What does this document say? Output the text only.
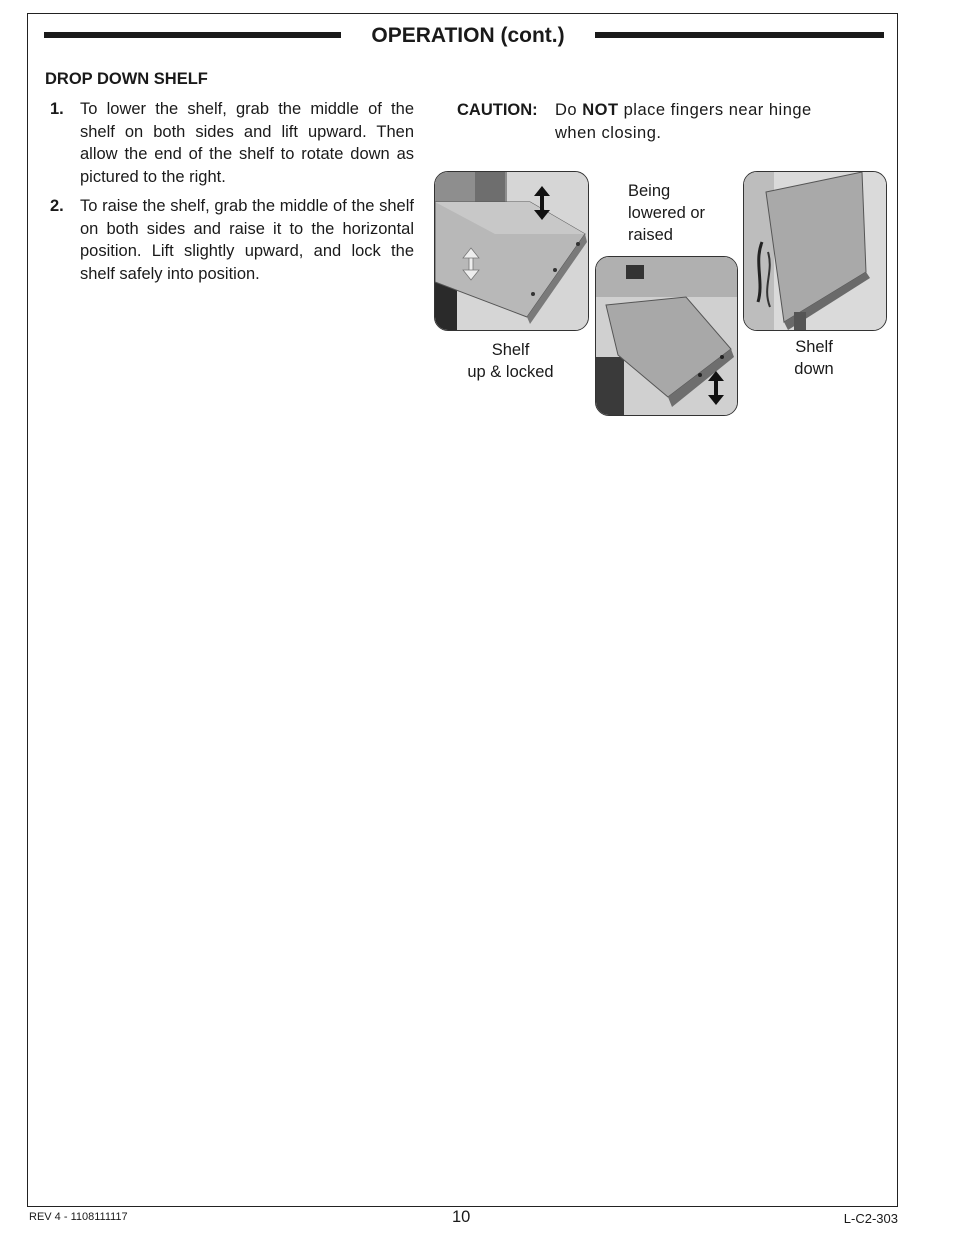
OPERATION (cont.)
DROP DOWN SHELF
1. To lower the shelf, grab the middle of the shelf on both sides and lift upward. Then allow the end of the shelf to rotate down as pictured to the right.
2. To raise the shelf, grab the middle of the shelf on both sides and raise it to the horizontal position. Lift slightly upward, and lock the shelf safely into position.
CAUTION: Do NOT place fingers near hinge when closing.
Shelf
up & locked
Being
lowered or
raised
Shelf
down
REV 4 - 1108111117	10	L-C2-303
